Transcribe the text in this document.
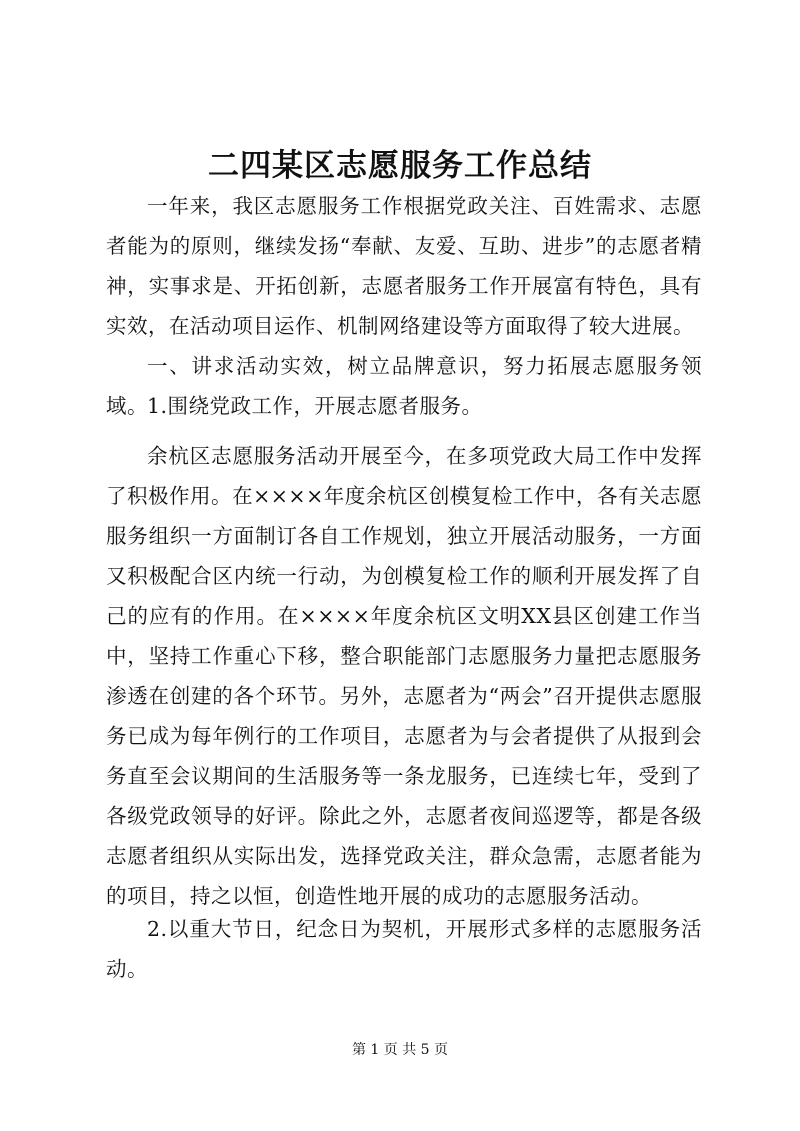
二四某区志愿服务工作总结

一年来，我区志愿服务工作根据党政关注、百姓需求、志愿者能为的原则，继续发扬“奉献、友爱、互助、进步”的志愿者精神，实事求是、开拓创新，志愿者服务工作开展富有特色，具有实效，在活动项目运作、机制网络建设等方面取得了较大进展。

一、讲求活动实效，树立品牌意识，努力拓展志愿服务领域。 1.围绕党政工作，开展志愿者服务。

余杭区志愿服务活动开展至今，在多项党政大局工作中发挥了积极作用。在××××年度余杭区创模复检工作中，各有关志愿服务组织一方面制订各自工作规划，独立开展活动服务，一方面又积极配合区内统一行动，为创模复检工作的顺利开展发挥了自己的应有的作用。在××××年度余杭区文明XX县区创建工作当中，坚持工作重心下移，整合职能部门志愿服务力量把志愿服务渗透在创建的各个环节。另外，志愿者为“两会”召开提供志愿服务已成为每年例行的工作项目，志愿者为与会者提供了从报到会务直至会议期间的生活服务等一条龙服务，已连续七年，受到了各级党政领导的好评。除此之外，志愿者夜间巡逻等，都是各级志愿者组织从实际出发，选择党政关注，群众急需，志愿者能为的项目，持之以恒，创造性地开展的成功的志愿服务活动。

2.以重大节日，纪念日为契机，开展形式多样的志愿服务活动。

第 1 页 共 5 页
